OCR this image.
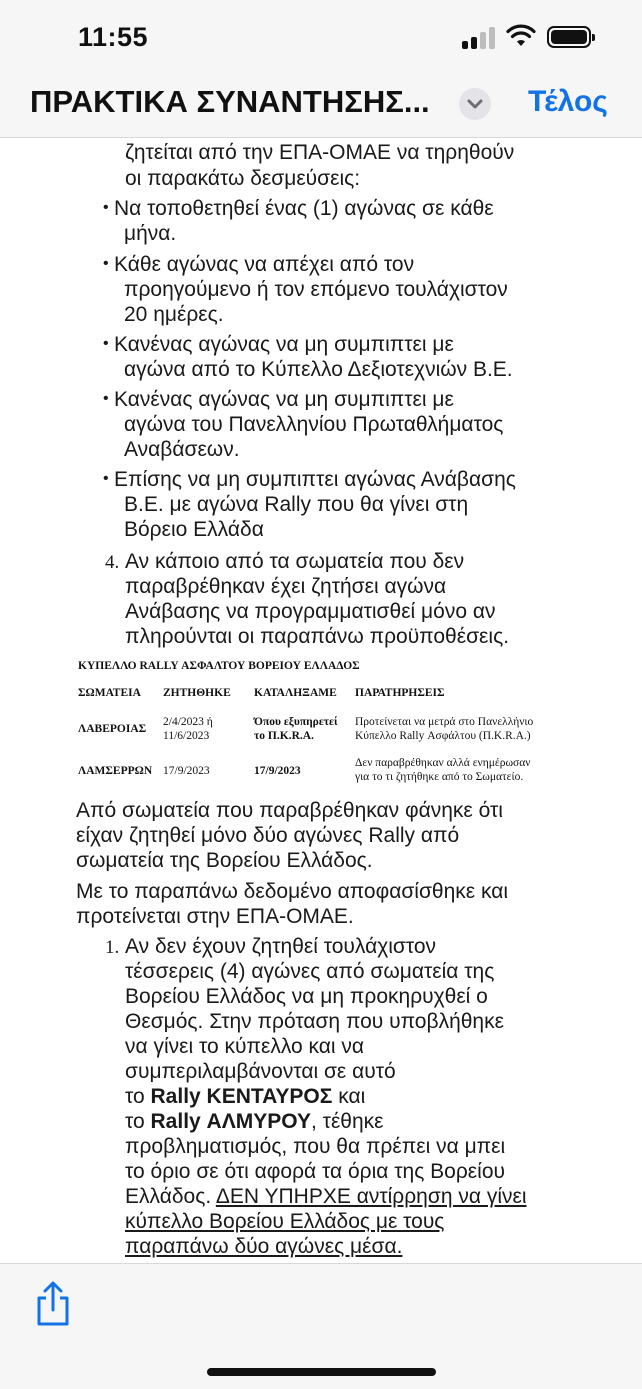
11:55
ΠΡΑΚΤΙΚΑ ΣΥΝΑΝΤΗΣΗΣ...	Τέλος
ζητείται από την ΕΠΑ-ΟΜΑΕ να τηρηθούν
οι παρακάτω δεσμεύσεις:
• Να τοποθετηθεί ένας (1) αγώνας σε κάθε
μήνα.
• Κάθε αγώνας να απέχει από τον
προηγούμενο ή τον επόμενο τουλάχιστον
20 ημέρες.
• Κανένας αγώνας να μη συμπιπτει με
αγώνα από το Κύπελλο Δεξιοτεχνιών Β.Ε.
• Κανένας αγώνας να μη συμπιπτει με
αγώνα του Πανελληνίου Πρωταθλήματος
Αναβάσεων.
• Επίσης να μη συμπιπτει αγώνας Ανάβασης
Β.Ε. με αγώνα Rally που θα γίνει στη
Βόρειο Ελλάδα
4. Αν κάποιο από τα σωματεία που δεν
παραβρέθηκαν έχει ζητήσει αγώνα
Ανάβασης να προγραμματισθεί μόνο αν
πληρούνται οι παραπάνω προϋποθέσεις.
ΚΥΠΕΛΛΟ RALLY ΑΣΦΑΛΤΟΥ ΒΟΡΕΙΟΥ ΕΛΛΑΔΟΣ
ΣΩΜΑΤΕΙΑ ΖΗΤΗΘΗΚΕ ΚΑΤΑΛΗΞΑΜΕ ΠΑΡΑΤΗΡΗΣΕΙΣ
ΛΑΒΕΡΟΙΑΣ
2/4/2023 ή
11/6/2023
Όπου εξυπηρετεί
το Π.Κ.R.A.
Προτείνεται να μετρά στο Πανελλήνιο
Κύπελλο Rally Ασφάλτου (Π.Κ.R.A.)
ΛΑΜΣΕΡΡΩΝ 17/9/2023	17/9/2023
Δεν παραβρέθηκαν αλλά ενημέρωσαν
για το τι ζητήθηκε από το Σωματείο.
Από σωματεία που παραβρέθηκαν φάνηκε ότι
είχαν ζητηθεί μόνο δύο αγώνες Rally από
σωματεία της Βορείου Ελλάδος.
Με το παραπάνω δεδομένο αποφασίσθηκε και
προτείνεται στην ΕΠΑ-ΟΜΑΕ.
1. Αν δεν έχουν ζητηθεί τουλάχιστον
τέσσερεις (4) αγώνες από σωματεία της
Βορείου Ελλάδος να μη προκηρυχθεί ο
Θεσμός. Στην πρόταση που υποβλήθηκε
να γίνει το κύπελλο και να
συμπεριλαμβάνονται σε αυτό
το Rally ΚΕΝΤΑΥΡΟΣ και
το Rally ΑΛΜΥΡΟΥ, τέθηκε
προβληματισμός, που θα πρέπει να μπει
το όριο σε ότι αφορά τα όρια της Βορείου
Ελλάδος. ΔΕΝ ΥΠΗΡΧΕ αντίρρηση να γίνει
κύπελλο Βορείου Ελλάδος με τους
παραπάνω δύο αγώνες μέσα.
